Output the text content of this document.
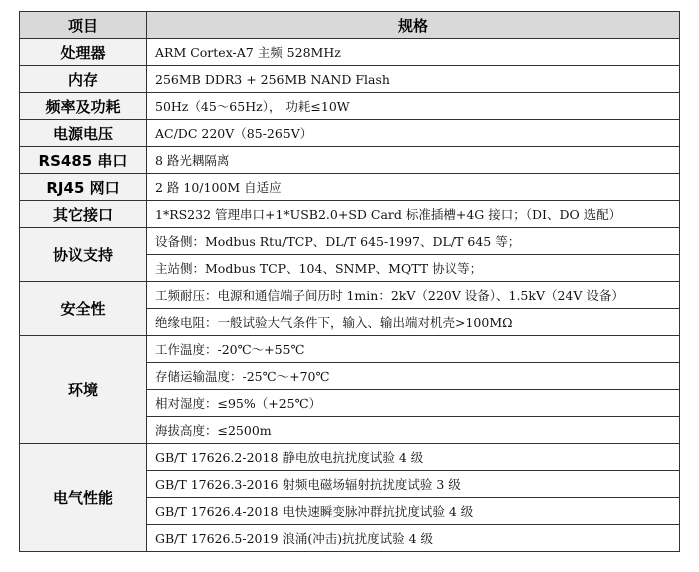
项目	规格
处理器	ARM Cortex-A7 主频 528MHz
内存	256MB DDR3 + 256MB NAND Flash
频率及功耗	50Hz（45～65Hz）， 功耗≤10W
电源电压	AC/DC 220V（85-265V）
RS485 串口	8 路光耦隔离
RJ45 网口	2 路 10/100M 自适应
其它接口	1*RS232 管理串口+1*USB2.0+SD Card 标准插槽+4G 接口；（DI、DO 选配）
协议支持	设备侧：Modbus Rtu/TCP、DL/T 645-1997、DL/T 645 等；
	主站侧：Modbus TCP、104、SNMP、MQTT 协议等；
安全性	工频耐压：电源和通信端子间历时 1min：2kV（220V 设备）、1.5kV（24V 设备）
	绝缘电阻：一般试验大气条件下，输入、输出端对机壳>100MΩ
环境	工作温度：-20℃～+55℃
	存储运输温度：-25℃～+70℃
	相对湿度：≤95%（+25℃）
	海拔高度：≤2500m
电气性能	GB/T 17626.2-2018 静电放电抗扰度试验 4 级
	GB/T 17626.3-2016 射频电磁场辐射抗扰度试验 3 级
	GB/T 17626.4-2018 电快速瞬变脉冲群抗扰度试验 4 级
	GB/T 17626.5-2019 浪涌(冲击)抗扰度试验 4 级
